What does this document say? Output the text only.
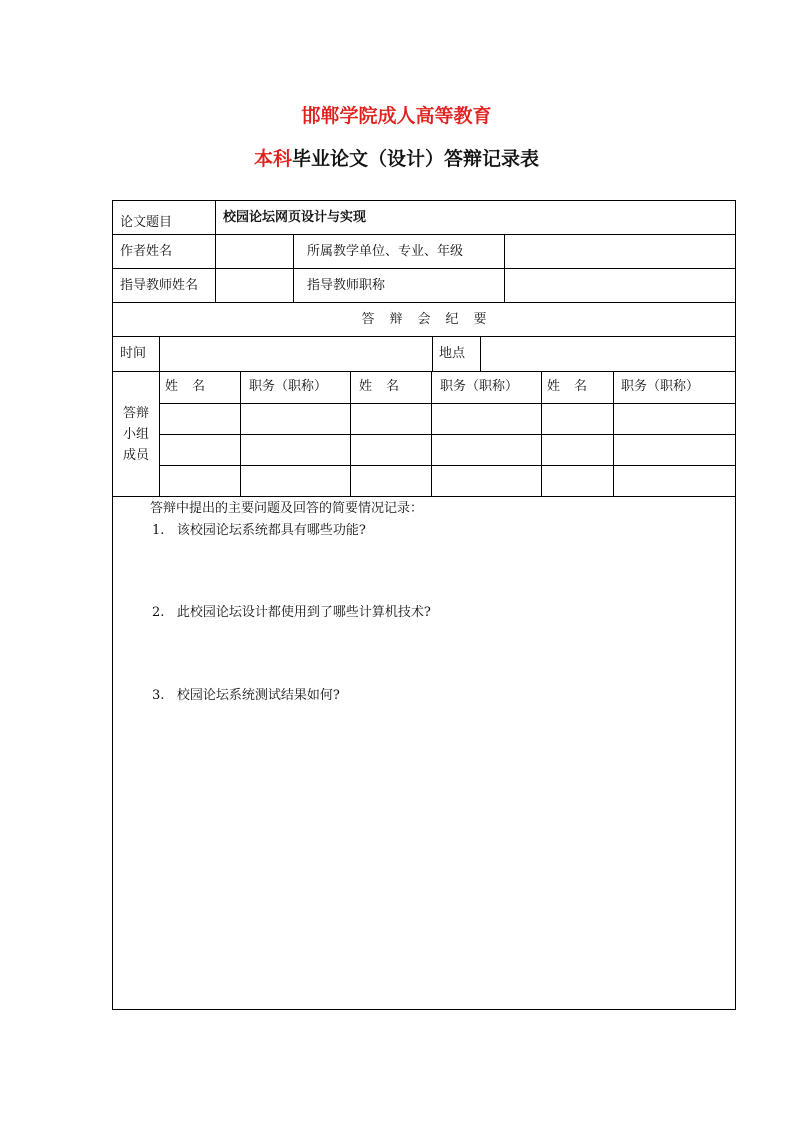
邯郸学院成人高等教育
本科毕业论文（设计）答辩记录表
论文题目	校园论坛网页设计与实现
作者姓名	所属教学单位、专业、年级
指导教师姓名	指导教师职称
答辩会纪要
时间	地点
答辩
小组
成员
姓名 职务（职称） 姓名 职务（职称） 姓名 职务（职称）
答辩中提出的主要问题及回答的简要情况记录：
1. 该校园论坛系统都具有哪些功能?
2. 此校园论坛设计都使用到了哪些计算机技术?
3. 校园论坛系统测试结果如何?
